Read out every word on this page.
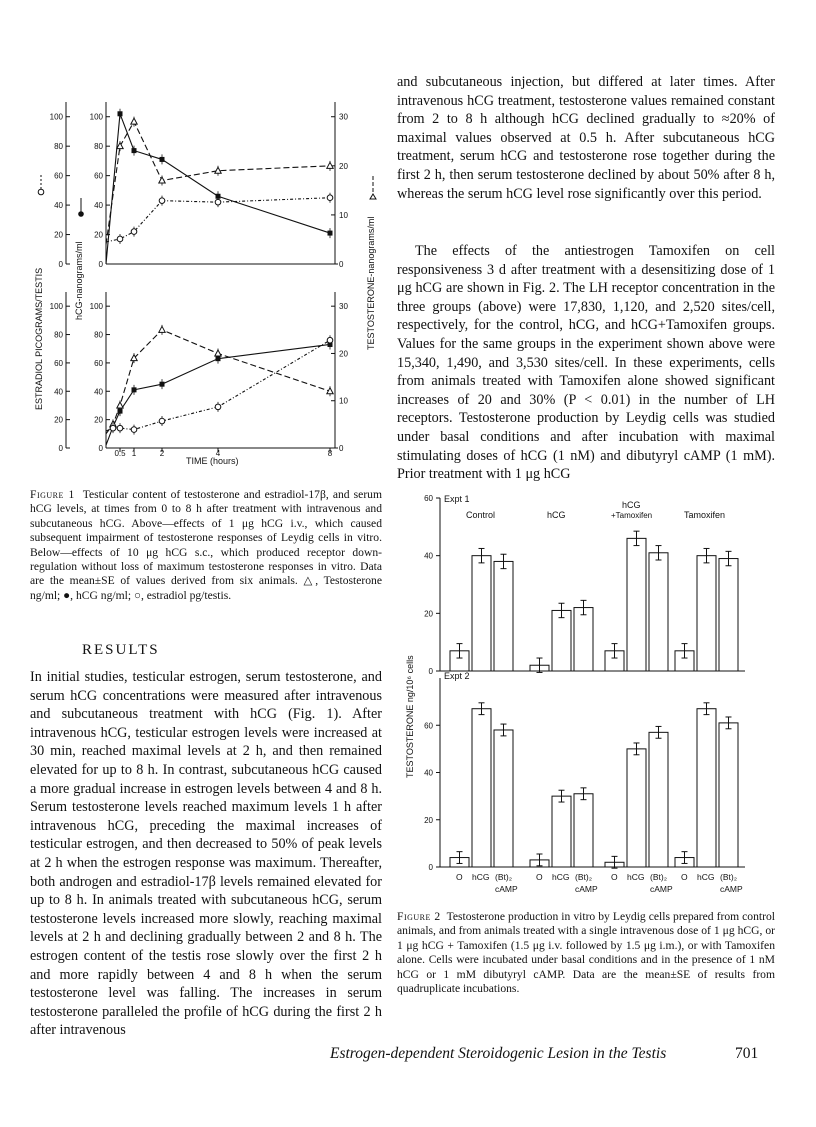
ESTRADIOL PICOGRAMS/TESTIS	hCG-nanograms/ml	TESTOSTERONE-nanograms/ml
0	0
20	20
40	40
60	60
80	80
100	100
0
10
20
30
0	0
20	20
40	40
60	60
80	80
100	100
0
10
20
30
0.5 1	2	4	8
TIME (hours)
Figure 1 Testicular content of testosterone and estradiol-17β, and serum hCG levels, at times from 0 to 8 h after treatment with intravenous and subcutaneous hCG. Above—effects of 1 μg hCG i.v., which caused subsequent impairment of testosterone responses of Leydig cells in vitro. Below—effects of 10 μg hCG s.c., which produced receptor down-regulation without loss of maximum testosterone responses in vitro. Data are the mean±SE of values derived from six animals. △, Testosterone ng/ml; ●, hCG ng/ml; ○, estradiol pg/testis.
RESULTS
In initial studies, testicular estrogen, serum testosterone, and serum hCG concentrations were measured after intravenous and subcutaneous treatment with hCG (Fig. 1). After intravenous hCG, testicular estrogen levels were increased at 30 min, reached maximal levels at 2 h, and then remained elevated for up to 8 h. In contrast, subcutaneous hCG caused a more gradual increase in estrogen levels between 4 and 8 h. Serum testosterone levels reached maximum levels 1 h after intravenous hCG, preceding the maximal increases of testicular estrogen, and then decreased to 50% of peak levels at 2 h when the estrogen response was maximum. Thereafter, both androgen and estradiol-17β levels remained elevated for up to 8 h. In animals treated with subcutaneous hCG, serum testosterone levels increased more slowly, reaching maximal levels at 2 h and declining gradually between 2 and 8 h. The estrogen content of the testis rose slowly over the first 2 h and more rapidly between 4 and 8 h when the serum testosterone level was falling. The increases in serum testosterone paralleled the profile of hCG during the first 2 h after intravenous
and subcutaneous injection, but differed at later times. After intravenous hCG treatment, testosterone values remained constant from 2 to 8 h although hCG declined gradually to ≈20% of maximal values observed at 0.5 h. After subcutaneous hCG treatment, serum hCG and testosterone rose together during the first 2 h, then serum testosterone declined by about 50% after 8 h, whereas the serum hCG level rose significantly over this period.
The effects of the antiestrogen Tamoxifen on cell responsiveness 3 d after treatment with a desensitizing dose of 1 μg hCG are shown in Fig. 2. The LH receptor concentration in the three groups (above) were 17,830, 1,120, and 2,520 sites/cell, respectively, for the control, hCG, and hCG+Tamoxifen groups. Values for the same groups in the experiment shown above were 15,340, 1,490, and 3,530 sites/cell. In these experiments, cells from animals treated with Tamoxifen alone showed significant increases of 20 and 30% (P < 0.01) in the number of LH receptors. Testosterone production by Leydig cells was studied under basal conditions and after incubation with maximal stimulating doses of hCG (1 nM) and dibutyryl cAMP (1 mM). Prior treatment with 1 μg hCG
TESTOSTERONE ng/10⁶ cells
Expt 1
Expt 2
Control	hCG
hCG
+Tamoxifen	Tamoxifen
0
20
40
60
0
20
40
60
O hCG (Bt)₂
cAMP
O hCG (Bt)₂
cAMP
O hCG (Bt)₂
cAMP
O hCG (Bt)₂
cAMP
Figure 2 Testosterone production in vitro by Leydig cells prepared from control animals, and from animals treated with a single intravenous dose of 1 μg hCG, or 1 μg hCG + Tamoxifen (1.5 μg i.v. followed by 1.5 μg i.m.), or with Tamoxifen alone. Cells were incubated under basal conditions and in the presence of 1 nM hCG or 1 mM dibutyryl cAMP. Data are the mean±SE of results from quadruplicate incubations.
Estrogen-dependent Steroidogenic Lesion in the Testis	701
